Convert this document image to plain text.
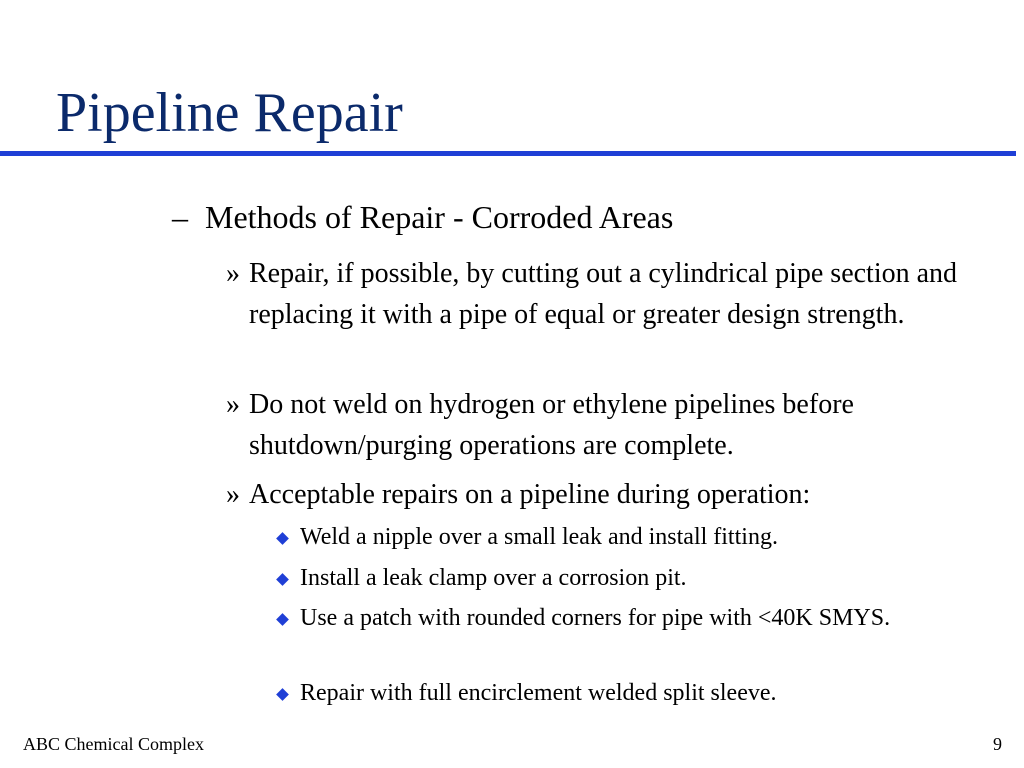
Pipeline Repair
– Methods of Repair - Corroded Areas
» Repair, if possible, by cutting out a cylindrical pipe section and replacing it with a pipe of equal or greater design strength.
» Do not weld on hydrogen or ethylene pipelines before shutdown/purging operations are complete.
» Acceptable repairs on a pipeline during operation:
Weld a nipple over a small leak and install fitting.
Install a leak clamp over a corrosion pit.
Use a patch with rounded corners for pipe with <40K SMYS.
Repair with full encirclement welded split sleeve.
ABC Chemical Complex	9
